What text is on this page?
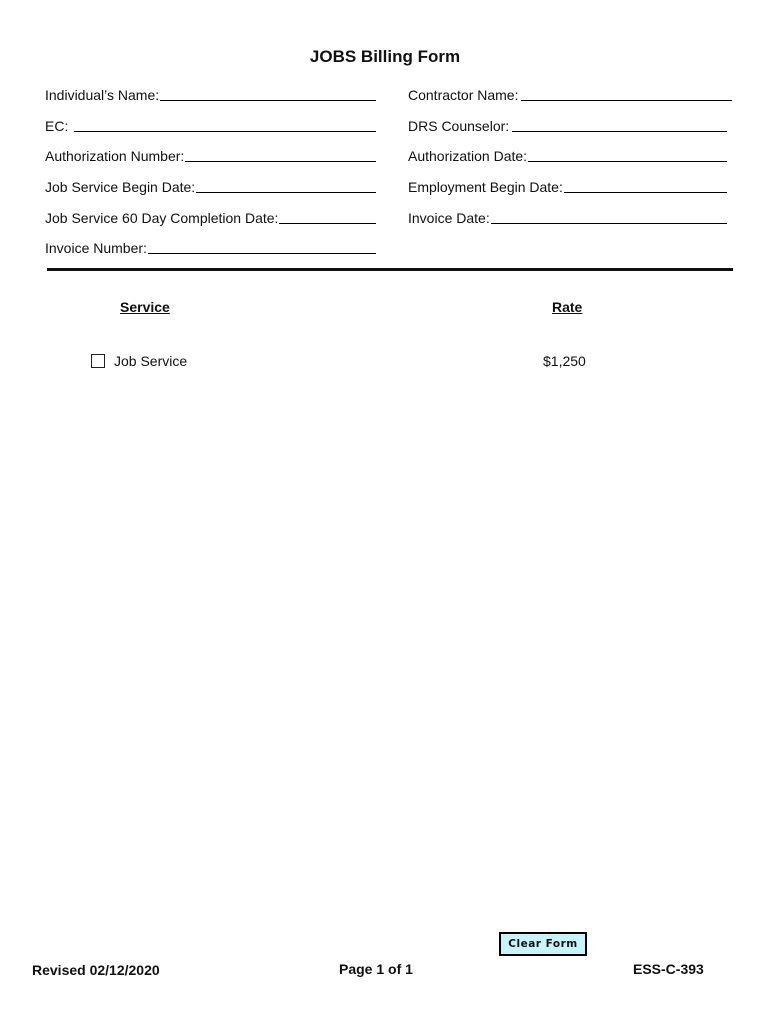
JOBS Billing Form
Individual’s Name:
EC:
Authorization Number:
Job Service Begin Date:
Job Service 60 Day Completion Date:
Invoice Number:
Contractor Name:
DRS Counselor:
Authorization Date:
Employment Begin Date:
Invoice Date:
Service	Rate
Job Service	$1,250
Clear Form
Revised 02/12/2020	Page 1 of 1	ESS-C-393
